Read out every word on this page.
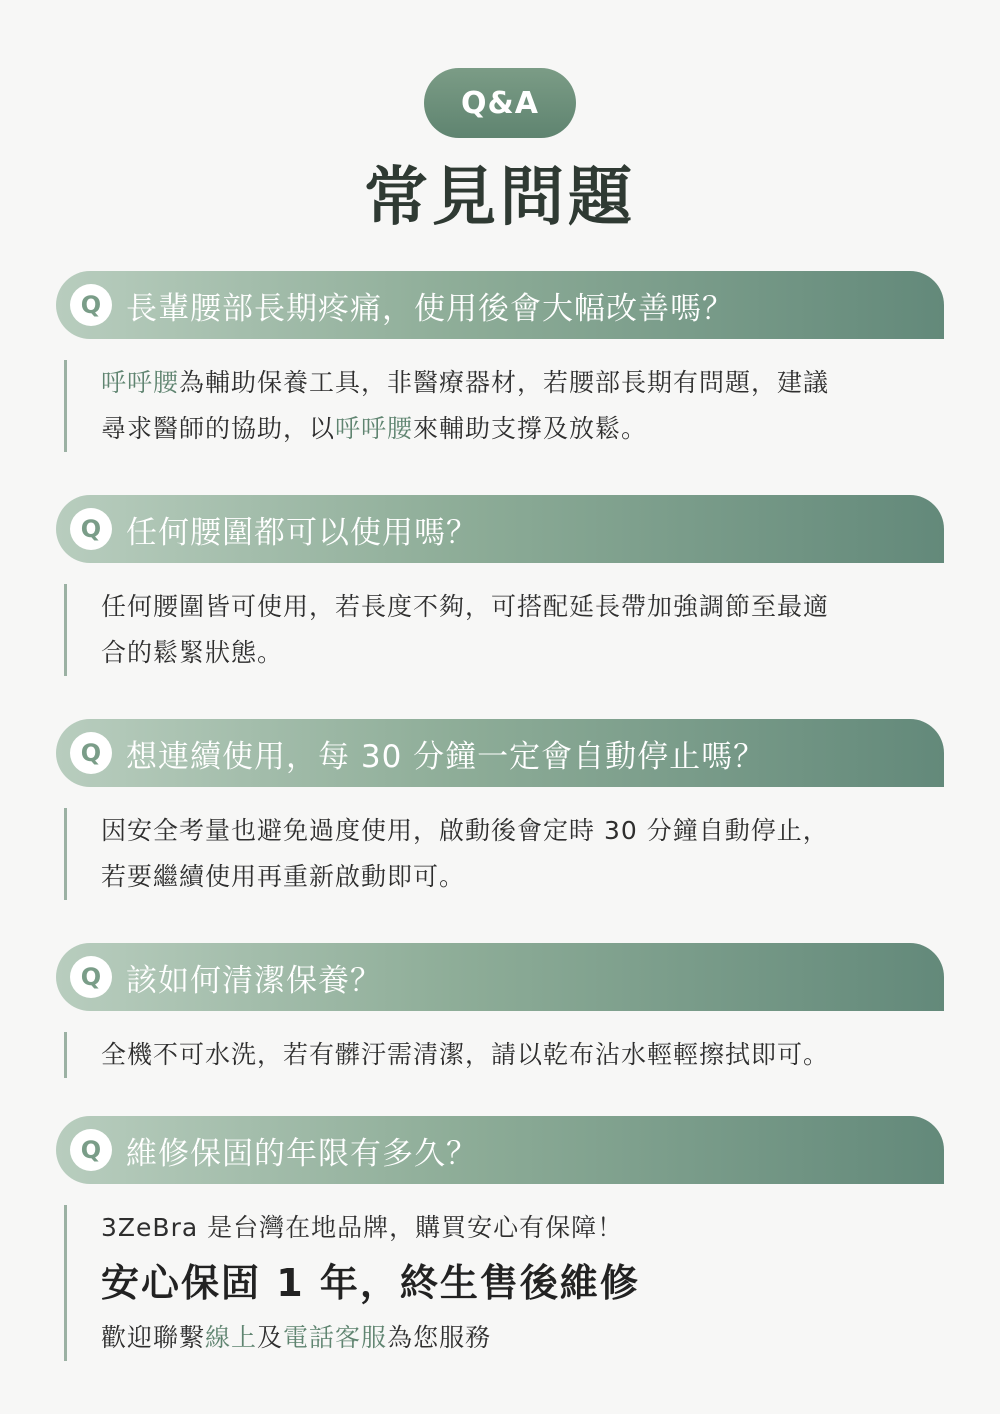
Q&A
常見問題
Q 長輩腰部長期疼痛，使用後會大幅改善嗎？
呼呼腰為輔助保養工具，非醫療器材，若腰部長期有問題，建議
尋求醫師的協助，以呼呼腰來輔助支撐及放鬆。
Q 任何腰圍都可以使用嗎？
任何腰圍皆可使用，若長度不夠，可搭配延長帶加強調節至最適
合的鬆緊狀態。
Q 想連續使用，每 30 分鐘一定會自動停止嗎？
因安全考量也避免過度使用，啟動後會定時 30 分鐘自動停止，
若要繼續使用再重新啟動即可。
Q 該如何清潔保養？
全機不可水洗，若有髒汙需清潔，請以乾布沾水輕輕擦拭即可。
Q 維修保固的年限有多久？
3ZeBra 是台灣在地品牌，購買安心有保障！
安心保固 1 年，終生售後維修
歡迎聯繫線上及電話客服為您服務
